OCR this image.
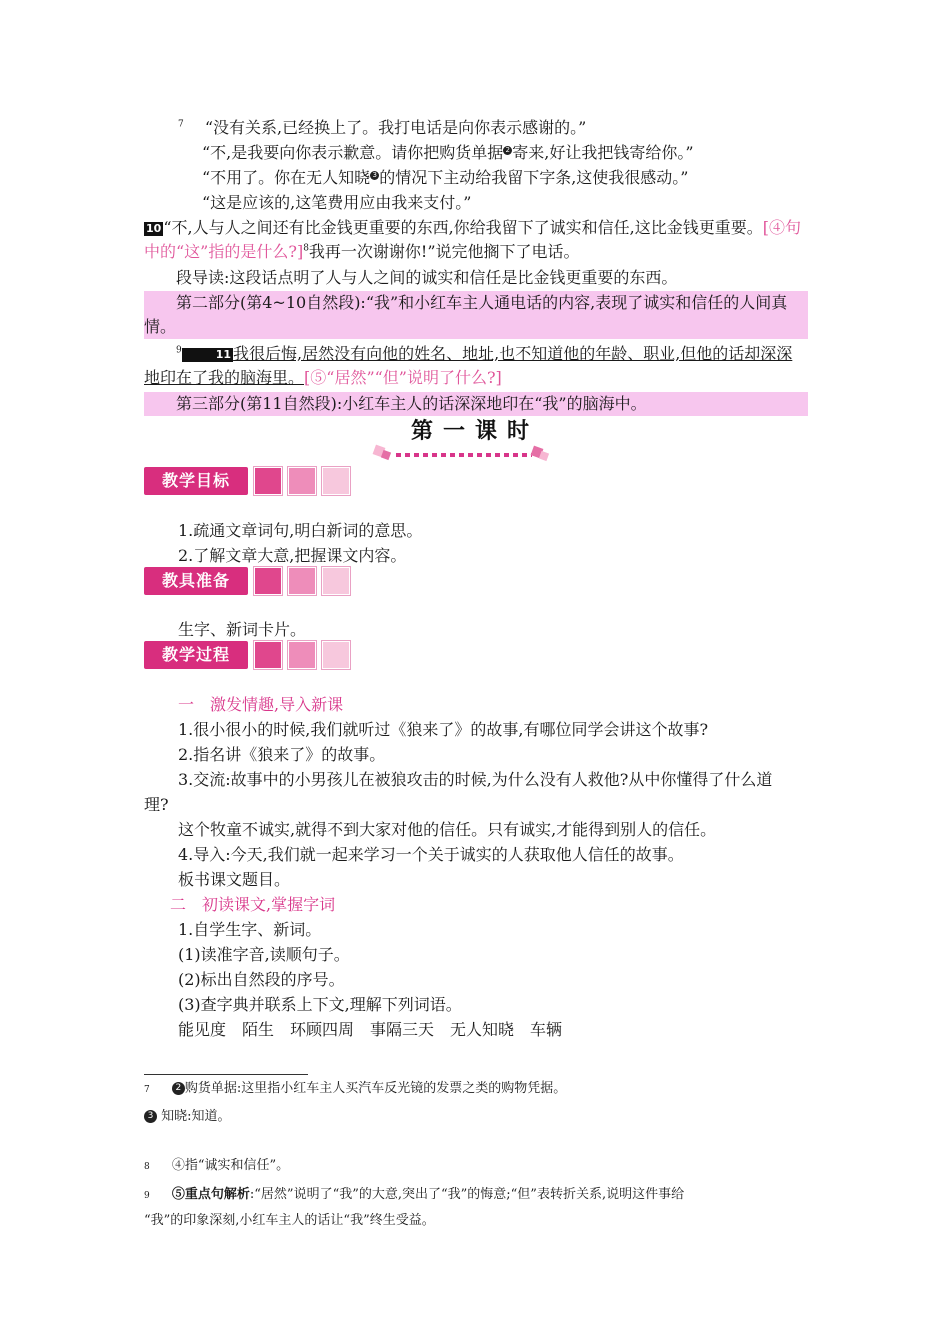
$^7$ “没有关系,已经换上了。我打电话是向你表示感谢的。”
“不,是我要向你表示歉意。请你把购货单据 2 寄来,好让我把钱寄给你。”
“不用了。你在无人知晓 3 的情况下主动给我留下字条,这使我很感动。”
“这是应该的,这笔费用应由我来支付。”
10 “不,人与人之间还有比金钱更重要的东西,你给我留下了诚实和信任,这比金钱更重要。[④句中的“这”指的是什么?]$^8$我再一次谢谢你!”说完他搁下了电话。
段导读:这段话点明了人与人之间的诚实和信任是比金钱更重要的东西。
第二部分(第4~10自然段):“我”和小红车主人通电话的内容,表现了诚实和信任的人间真情。
$^9$	11 我很后悔,居然没有向他的姓名、地址,也不知道他的年龄、职业,但他的话却深深地印在了我的脑海里。[⑤“居然”“但”说明了什么?]
第三部分(第11自然段):小红车主人的话深深地印在“我”的脑海中。
第一课时
教学目标
1.疏通文章词句,明白新词的意思。
2.了解文章大意,把握课文内容。
教具准备
生字、新词卡片。
教学过程
一　激发情趣,导入新课
1.很小很小的时候,我们就听过《狼来了》的故事,有哪位同学会讲这个故事?
2.指名讲《狼来了》的故事。
3.交流:故事中的小男孩儿在被狼攻击的时候,为什么没有人救他?从中你懂得了什么道
理?
这个牧童不诚实,就得不到大家对他的信任。只有诚实,才能得到别人的信任。
4.导入:今天,我们就一起来学习一个关于诚实的人获取他人信任的故事。
板书课文题目。
二　初读课文,掌握字词
1.自学生字、新词。
(1)读准字音,读顺句子。
(2)标出自然段的序号。
(3)查字典并联系上下文,理解下列词语。
能见度　陌生　环顾四周　事隔三天　无人知晓　车辆
7	2 购货单据:这里指小红车主人买汽车反光镜的发票之类的购物凭据。
3 知晓:知道。
8 ④指“诚实和信任”。
9 ⑤重点句解析:“居然”说明了“我”的大意,突出了“我”的悔意;“但”表转折关系,说明这件事给
“我”的印象深刻,小红车主人的话让“我”终生受益。
